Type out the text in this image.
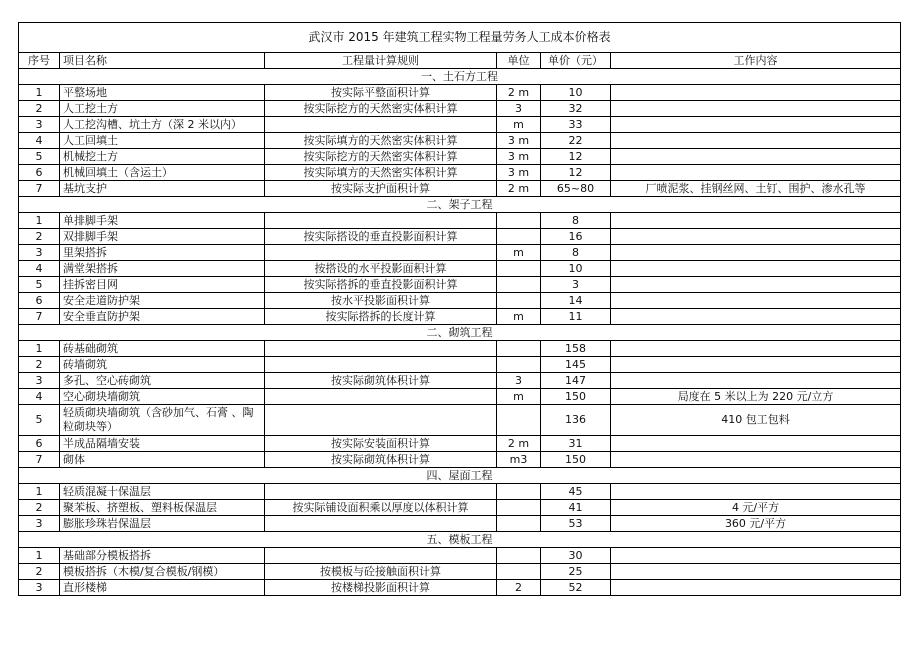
武汉市 2015 年建筑工程实物工程量劳务人工成本价格表					
序号	项目名称	工程量计算规则	单位	单价（元）	工作内容
一、土石方工程					
1	平整场地	按实际平整面积计算	2 m	10	
2	人工挖土方	按实际挖方的天然密实体积计算	3	32	
3	人工挖沟槽、坑土方（深 2 米以内）		m	33	
4	人工回填土	按实际填方的天然密实体积计算	3 m	22	
5	机械挖土方	按实际挖方的天然密实体积计算	3 m	12	
6	机械回填土（含运土）	按实际填方的天然密实体积计算	3 m	12	
7	基坑支护	按实际支护面积计算	2 m	65~80	厂喷泥浆、挂钢丝网、土钉、围护、渗水孔等
二、架子工程					
1	单排脚手架			8	
2	双排脚手架	按实际搭设的垂直投影面积计算		16	
3	里架搭拆		m	8	
4	满堂架搭拆	按搭设的水平投影面积计算		10	
5	挂拆密目网	按实际搭拆的垂直投影面积计算		3	
6	安全走道防护架	按水平投影面积计算		14	
7	安全垂直防护架	按实际搭拆的长度计算	m	11	
二、砌筑工程					
1	砖基础砌筑			158	
2	砖墙砌筑			145	
3	多孔、空心砖砌筑	按实际砌筑体积计算	3	147	
4	空心砌块墙砌筑		m	150	局度在 5 米以上为 220 元/立方
5	轻质砌块墙砌筑（含砂加气、石膏 、陶粒砌块等）			136	410 包工包料
6	半成品隔墙安装	按实际安装面积计算	2 m	31	
7	砌体	按实际砌筑体积计算	m3	150	
四、屋面工程					
1	轻质混凝十保温层			45	
2	聚苯板、挤塑板、塑料板保温层	按实际铺设面积乘以厚度以体积计算		41	4 元/平方
3	膨胀珍珠岩保温层			53	360 元/平方
五、模板工程					
1	基础部分模板搭拆			30	
2	模板搭拆（木模/复合模板/钢模）	按模板与砼接触面积计算		25	
3	直形楼梯	按楼梯投影面积计算	2	52	
